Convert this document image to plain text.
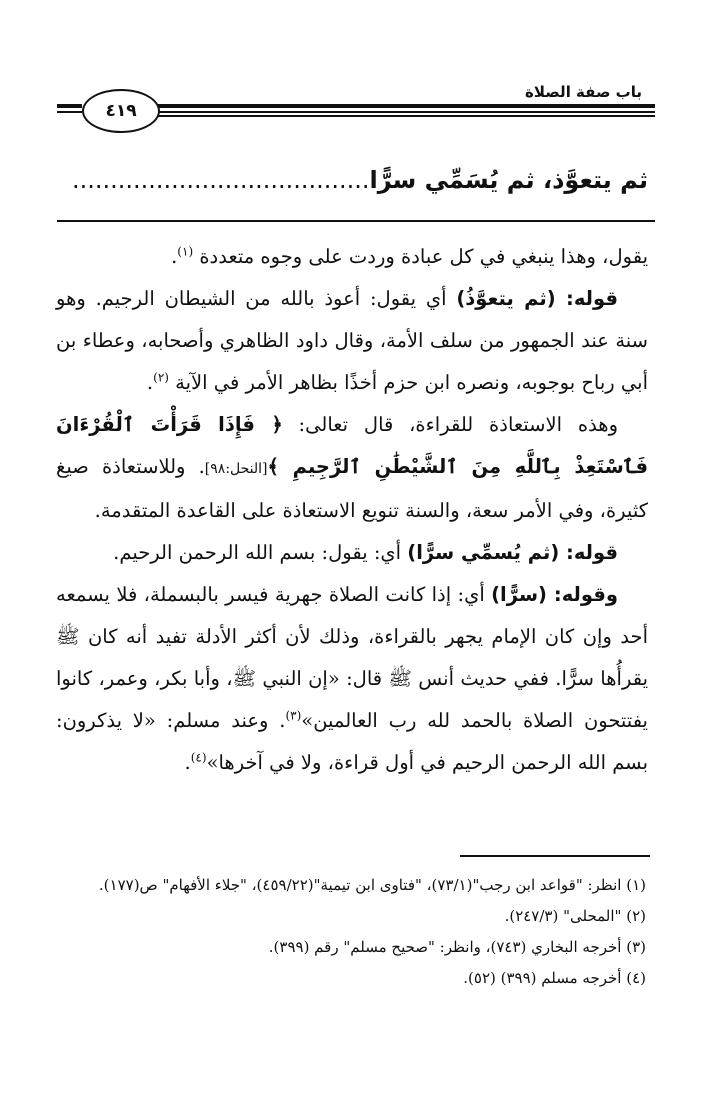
باب صفة الصلاة
٤١٩
ثم يتعوَّذ، ثم يُسَمِّي سرًّا.......................................

يقول، وهذا ينبغي في كل عبادة وردت على وجوه متعددة $^{(١)}$.

قوله: (ثم يتعوَّذُ) أي يقول: أعوذ بالله من الشيطان الرجيم. وهو سنة عند الجمهور من سلف الأمة، وقال داود الظاهري وأصحابه، وعطاء بن أبي رباح بوجوبه، ونصره ابن حزم أخذًا بظاهر الأمر في الآية $^{(٢)}$.

وهذه الاستعاذة للقراءة، قال تعالى: ﴿ فَإِذَا قَرَأْتَ ٱلْقُرْءَانَ فَٱسْتَعِذْ بِٱللَّهِ مِنَ ٱلشَّيْطَٰنِ ٱلرَّجِيمِ ﴾[النحل:٩٨]. وللاستعاذة صيغ كثيرة، وفي الأمر سعة، والسنة تنويع الاستعاذة على القاعدة المتقدمة.

قوله: (ثم يُسمِّي سرًّا) أي: يقول: بسم الله الرحمن الرحيم.

وقوله: (سرًّا) أي: إذا كانت الصلاة جهرية فيسر بالبسملة، فلا يسمعه أحد وإن كان الإمام يجهر بالقراءة، وذلك لأن أكثر الأدلة تفيد أنه كان ﷺ يقرأُها سرًّا. ففي حديث أنس ﷺ قال: «إن النبي ﷺ، وأبا بكر، وعمر، كانوا يفتتحون الصلاة بالحمد لله رب العالمين»$^{(٣)}$. وعند مسلم: «لا يذكرون: بسم الله الرحمن الرحيم في أول قراءة، ولا في آخرها»$^{(٤)}$.

(١) انظر: "قواعد ابن رجب"(٧٣/١)، "فتاوى ابن تيمية"(٤٥٩/٢٢)، "جلاء الأفهام" ص(١٧٧).
(٢) "المحلى" (٢٤٧/٣).
(٣) أخرجه البخاري (٧٤٣)، وانظر: "صحيح مسلم" رقم (٣٩٩).
(٤) أخرجه مسلم (٣٩٩) (٥٢).
